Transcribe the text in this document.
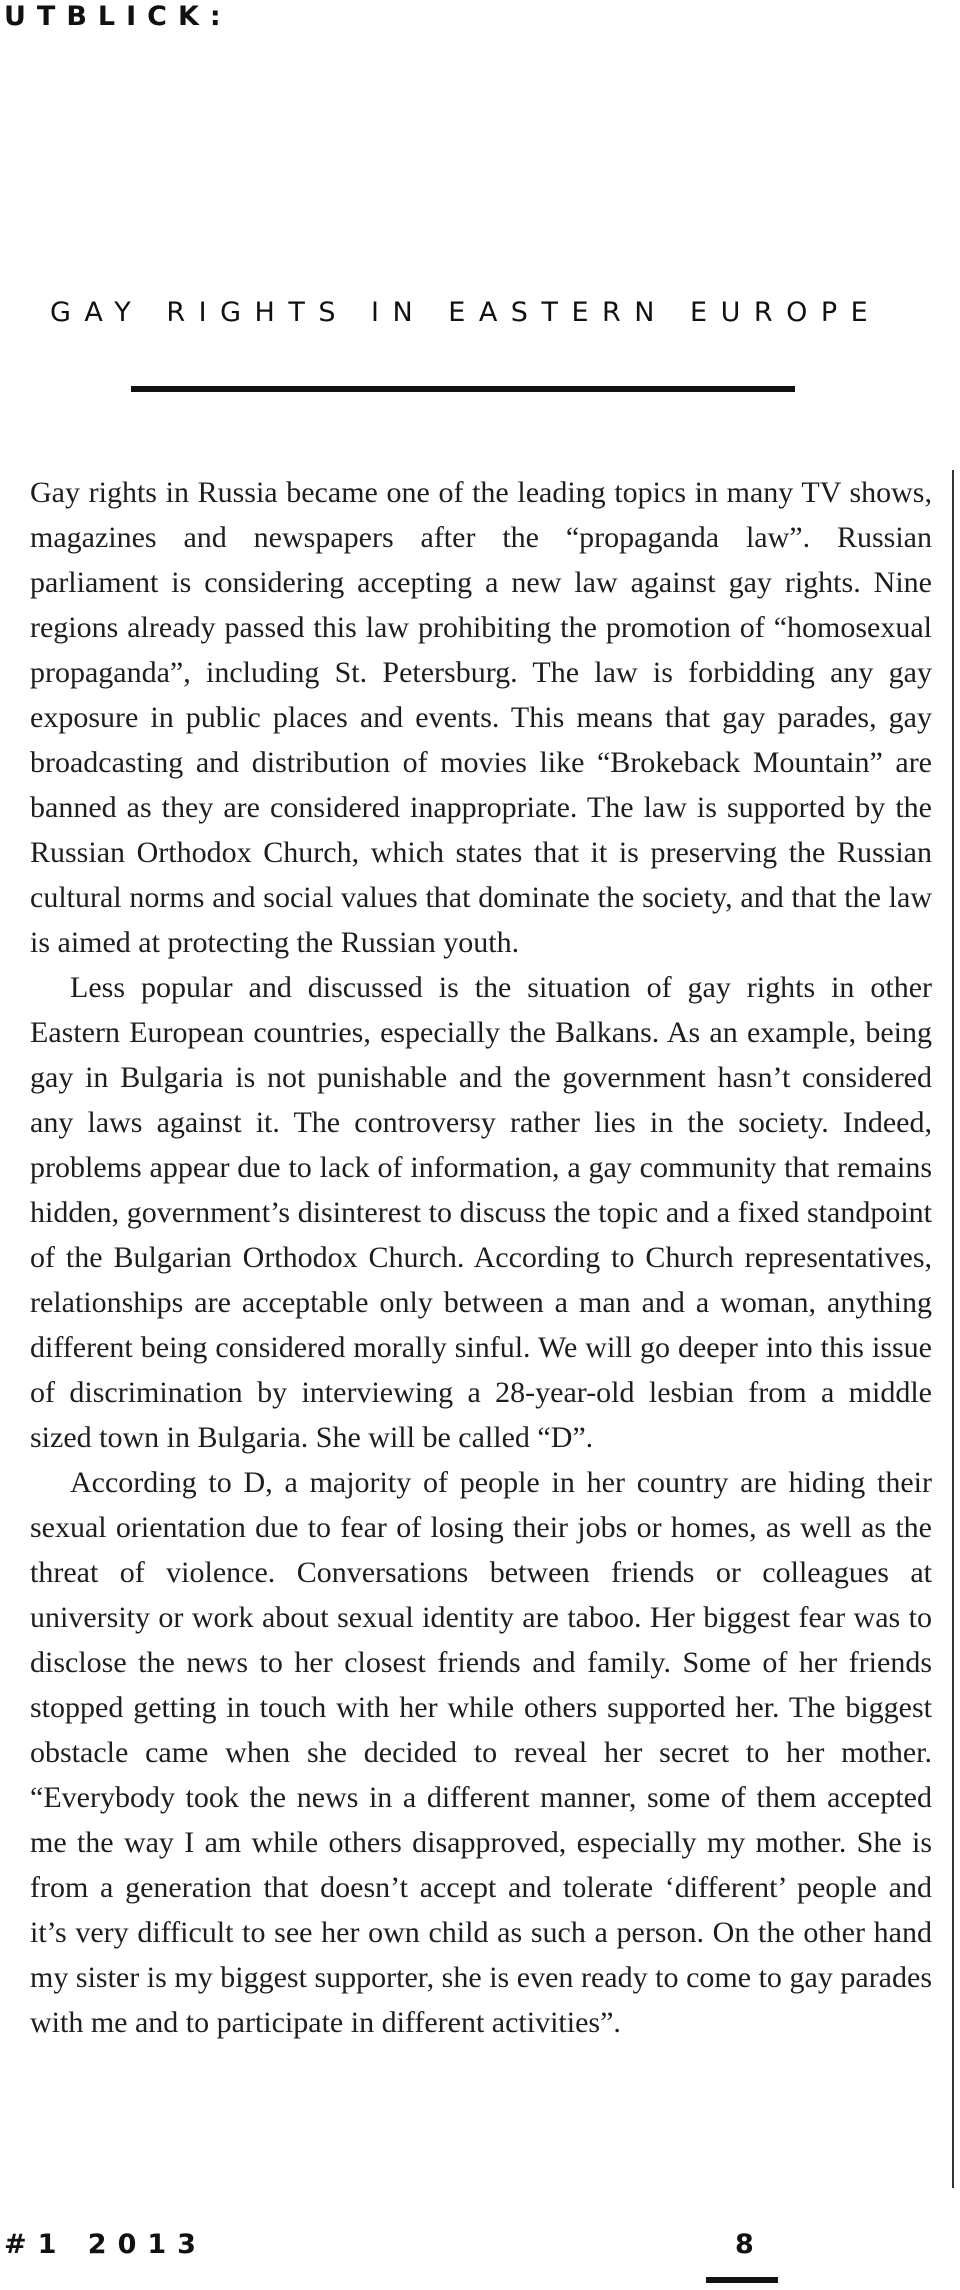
UTBLICK:
GAY RIGHTS IN EASTERN EUROPE

Gay rights in Russia became one of the leading topics in many TV shows, magazines and newspapers after the “propaganda law”. Russian parliament is considering accepting a new law against gay rights. Nine regions already passed this law prohibiting the promotion of “homosexual propaganda”, including St. Petersburg. The law is forbidding any gay exposure in public places and events. This means that gay parades, gay broadcasting and distribution of movies like “Brokeback Mountain” are banned as they are considered inappropriate. The law is supported by the Russian Orthodox Church, which states that it is preserving the Russian cultural norms and social values that dominate the society, and that the law is aimed at protecting the Russian youth.

Less popular and discussed is the situation of gay rights in other Eastern European countries, especially the Balkans. As an example, being gay in Bulgaria is not punishable and the government hasn’t considered any laws against it. The controversy rather lies in the society. Indeed, problems appear due to lack of information, a gay community that remains hidden, government’s disinterest to discuss the topic and a fixed standpoint of the Bulgarian Orthodox Church. According to Church representatives, relationships are acceptable only between a man and a woman, anything different being considered morally sinful. We will go deeper into this issue of discrimination by interviewing a 28-year-old lesbian from a middle sized town in Bulgaria. She will be called “D”.

According to D, a majority of people in her country are hiding their sexual orientation due to fear of losing their jobs or homes, as well as the threat of violence. Conversations between friends or colleagues at university or work about sexual identity are taboo. Her biggest fear was to disclose the news to her closest friends and family. Some of her friends stopped getting in touch with her while others supported her. The biggest obstacle came when she decided to reveal her secret to her mother. “Everybody took the news in a different manner, some of them accepted me the way I am while others disapproved, especially my mother. She is from a generation that doesn’t accept and tolerate ‘different’ people and it’s very difficult to see her own child as such a person. On the other hand my sister is my biggest supporter, she is even ready to come to gay parades with me and to participate in different activities”.

#1 2013	8
